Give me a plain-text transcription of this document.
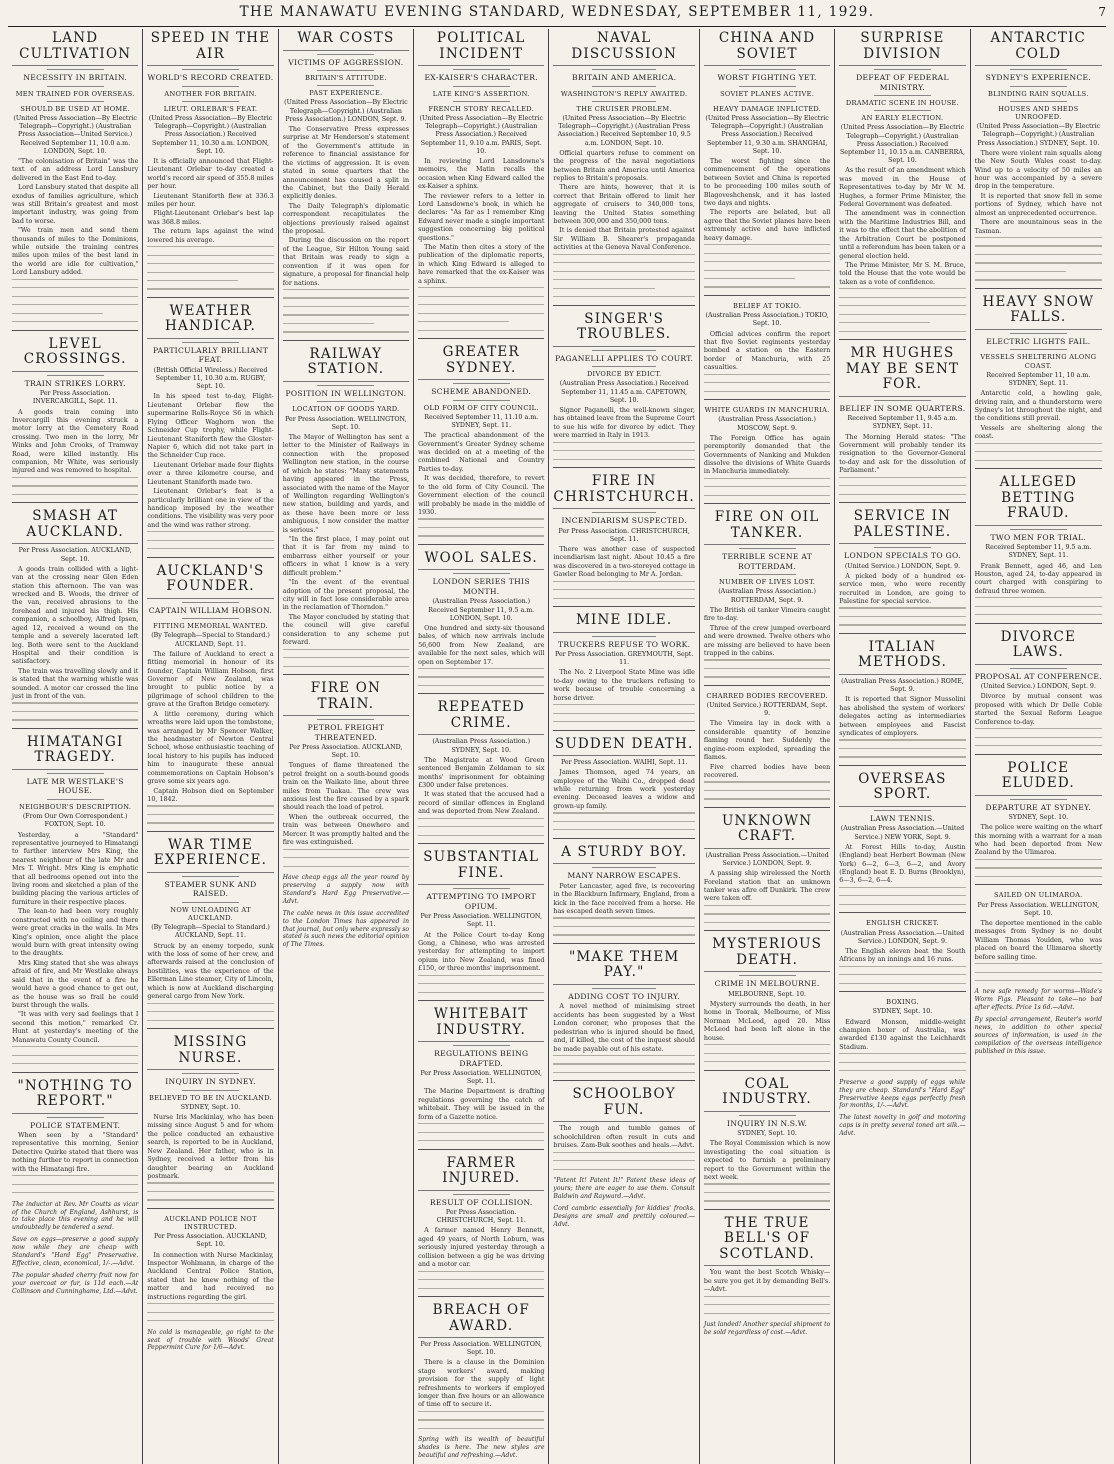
THE MANAWATU EVENING STANDARD, WEDNESDAY, SEPTEMBER 11, 1929.	7
LAND CULTIVATION
NECESSITY IN BRITAIN.
MEN TRAINED FOR OVERSEAS.
SHOULD BE USED AT HOME.
(United Press Association—By Electric Telegraph—Copyright.) (Australian Press Association—United Service.) Received September 11, 10.0 a.m. LONDON, Sept. 10.

"The colonisation of Britain" was the text of an address Lord Lansbury delivered in the East End to-day.

Lord Lansbury stated that despite all exodus of families agriculture, which was still Britain's greatest and most important industry, was going from bad to worse.

"We train men and send them thousands of miles to the Dominions, while outside the training centres miles upon miles of the best land in the world are idle for cultivation," Lord Lansbury added.

LEVEL CROSSINGS.
TRAIN STRIKES LORRY.
Per Press Association. INVERCARGILL, Sept. 11.

A goods train coming into Invercargill this evening struck a motor lorry at the Cemetery Road crossing. Two men in the lorry, Mr Winks and John Crooks, of Tramway Road, were killed instantly. His companion, Mr White, was seriously injured and was removed to hospital.

SMASH AT AUCKLAND.
Per Press Association. AUCKLAND, Sept. 10.

A goods train collided with a light-van at the crossing near Glen Eden station this afternoon. The van was wrecked and B. Woods, the driver of the van, received abrasions to the forehead and injured his thigh. His companion, a schoolboy, Alfred Ipsen, aged 12, received a wound on the temple and a severely lacerated left leg. Both were sent to the Auckland Hospital and their condition is satisfactory.

The train was travelling slowly and it is stated that the warning whistle was sounded. A motor car crossed the line just in front of the van.

HIMATANGI TRAGEDY.
LATE MR WESTLAKE'S HOUSE.
NEIGHBOUR'S DESCRIPTION.
(From Our Own Correspondent.) FOXTON, Sept. 10.

Yesterday, a "Standard" representative journeyed to Himatangi to further interview Mrs King, the nearest neighbour of the late Mr and Mrs T. Wright. Mrs King is emphatic that all bedrooms opened out into the living room and sketched a plan of the building placing the various articles of furniture in their respective places.

The lean-to had been very roughly constructed with no ceiling and there were great cracks in the walls. In Mrs King's opinion, once alight the place would burn with great intensity owing to the draughts.

Mrs King stated that she was always afraid of fire, and Mr Westlake always said that in the event of a fire he would have a good chance to get out, as the house was so frail he could burst through the walls.

"It was with very sad feelings that I second this motion," remarked Cr. Hunt at yesterday's meeting of the Manawatu County Council.

"NOTHING TO REPORT."
POLICE STATEMENT.

When seen by a "Standard" representative this morning, Senior Detective Quirke stated that there was nothing further to report in connection with the Himatangi fire.

The inductor at Rev. Mr Coutts as vicar of the Church of England, Ashhurst, is to take place this evening and he will undoubtedly be tendered a send.
Save on eggs—preserve a good supply now while they are cheap with Standard's "Hard Egg" Preservative. Effective, clean, economical, 1/-.—Advt.
The popular shaded cherry fruit now for your overcoat or fur, is 11d each.—At Collinson and Cunninghame, Ltd.—Advt.
SPEED IN THE AIR
WORLD'S RECORD CREATED.
ANOTHER FOR BRITAIN.
LIEUT. ORLEBAR'S FEAT.
(United Press Association—By Electric Telegraph—Copyright.) (Australian Press Association.) Received September 11, 10.30 a.m. LONDON, Sept. 10.

It is officially announced that Flight-Lieutenant Orlebar to-day created a world's record air speed of 355.8 miles per hour.

Lieutenant Staniforth flew at 336.3 miles per hour.

Flight-Lieutenant Orlebar's best lap was 368.8 miles.

The return laps against the wind lowered his average.

WEATHER HANDICAP.
PARTICULARLY BRILLIANT FEAT.
(British Official Wireless.) Received September 11, 10.30 a.m. RUGBY, Sept. 10.

In his speed test to-day, Flight-Lieutenant Orlebar flew the supermarine Rolls-Royce S6 in which Flying Officer Waghorn won the Schneider Cup trophy, while Flight-Lieutenant Staniforth flew the Gloster-Napier 6, which did not take part in the Schneider Cup race.

Lieutenant Orlebar made four flights over a three kilometre course, and Lieutenant Staniforth made two.

Lieutenant Orlebar's feat is a particularly brilliant one in view of the handicap imposed by the weather conditions. The visibility was very poor and the wind was rather strong.

AUCKLAND'S FOUNDER.
CAPTAIN WILLIAM HOBSON.
FITTING MEMORIAL WANTED.
(By Telegraph—Special to Standard.) AUCKLAND, Sept. 11.

The failure of Auckland to erect a fitting memorial in honour of its founder, Captain William Hobson, first Governor of New Zealand, was brought to public notice by a pilgrimage of school children to the grave at the Grafton Bridge cemetery.

A little ceremony, during which wreaths were laid upon the tombstone, was arranged by Mr Spencer Walker, the headmaster of Newton Central School, whose enthusiastic teaching of local history to his pupils has induced him to inaugurate these annual commemorations on Captain Hobson's grave some six years ago.

Captain Hobson died on September 10, 1842.

WAR TIME EXPERIENCE.
STEAMER SUNK AND RAISED.
NOW UNLOADING AT AUCKLAND.
(By Telegraph—Special to Standard.) AUCKLAND, Sept. 11.

Struck by an enemy torpedo, sunk with the loss of some of her crew, and afterwards raised at the conclusion of hostilities, was the experience of the Ellerman Line steamer, City of Lincoln, which is now at Auckland discharging general cargo from New York.

MISSING NURSE.
INQUIRY IN SYDNEY.
BELIEVED TO BE IN AUCKLAND.
SYDNEY, Sept. 10.

Nurse Iris Mackinlay, who has been missing since August 5 and for whom the police conducted an exhaustive search, is reported to be in Auckland, New Zealand. Her father, who is in Sydney, received a letter from his daughter bearing an Auckland postmark.

AUCKLAND POLICE NOT INSTRUCTED.
Per Press Association. AUCKLAND, Sept. 10.

In connection with Nurse Mackinlay, Inspector Wohlmann, in charge of the Auckland Central Police Station, stated that he knew nothing of the matter and had received no instructions regarding the girl.

No cold is manageable, go right to the seat of trouble with Woods' Great Peppermint Cure for 1/6—Advt.
WAR COSTS
VICTIMS OF AGGRESSION.
BRITAIN'S ATTITUDE.
PAST EXPERIENCE.
(United Press Association—By Electric Telegraph—Copyright.) (Australian Press Association.) LONDON, Sept. 9.

The Conservative Press expresses surprise at Mr Henderson's statement of the Government's attitude in reference to financial assistance for the victims of aggression. It is even stated in some quarters that the announcement has caused a split in the Cabinet, but the Daily Herald explicitly denies.

The Daily Telegraph's diplomatic correspondent recapitulates the objections previously raised against the proposal.

During the discussion on the report of the League, Sir Hilton Young said that Britain was ready to sign a convention if it was open for signature, a proposal for financial help for nations.

RAILWAY STATION.
POSITION IN WELLINGTON.
LOCATION OF GOODS YARD.
Per Press Association. WELLINGTON, Sept. 10.

The Mayor of Wellington has sent a letter to the Minister of Railways in connection with the proposed Wellington new station, in the course of which he states: "Many statements having appeared in the Press, associated with the name of the Mayor of Wellington regarding Wellington's new station, building and yards, and as these have been more or less ambiguous, I now consider the matter is serious."

"In the first place, I may point out that it is far from my mind to embarrass either yourself or your officers in what I know is a very difficult problem."

"In the event of the eventual adoption of the present proposal, the city will in fact lose considerable area in the reclamation of Thorndon."

The Mayor concluded by stating that the council will give careful consideration to any scheme put forward.

FIRE ON TRAIN.
PETROL FREIGHT THREATENED.
Per Press Association. AUCKLAND, Sept. 10.

Tongues of flame threatened the petrol freight on a south-bound goods train on the Waikato line, about three miles from Tuakau. The crew was anxious lest the fire caused by a spark should reach the load of petrol.

When the outbreak occurred, the train was between Onewhero and Mercer. It was promptly halted and the fire was extinguished.

Have cheap eggs all the year round by preserving a supply now with Standard's Hard Egg Preservative.—Advt.
The cable news in this issue accredited to the London Times has appeared in that journal, but only where expressly so stated is such news the editorial opinion of The Times.
POLITICAL INCIDENT
EX-KAISER'S CHARACTER.
LATE KING'S ASSERTION.
FRENCH STORY RECALLED.
(United Press Association—By Electric Telegraph—Copyright.) (Australian Press Association.) Received September 11, 9.10 a.m. PARIS, Sept. 10.

In reviewing Lord Lansdowne's memoirs, the Matin recalls the occasion when King Edward called the ex-Kaiser a sphinx.

The reviewer refers to a letter in Lord Lansdowne's book, in which he declares: "As far as I remember King Edward never made a single important suggestion concerning big political questions."

The Matin then cites a story of the publication of the diplomatic reports, in which King Edward is alleged to have remarked that the ex-Kaiser was a sphinx.

GREATER SYDNEY.
SCHEME ABANDONED.
OLD FORM OF CITY COUNCIL.
Received September 11, 11.10 a.m. SYDNEY, Sept. 11.

The practical abandonment of the Government's Greater Sydney scheme was decided on at a meeting of the combined National and Country Parties to-day.

It was decided, therefore, to revert to the old form of City Council. The Government election of the council will probably be made in the middle of 1930.

WOOL SALES.
LONDON SERIES THIS MONTH.
(Australian Press Association.) Received September 11, 9.5 a.m. LONDON, Sept. 10.

One hundred and sixty-six thousand bales, of which new arrivals include 56,600 from New Zealand, are available for the next sales, which will open on September 17.

REPEATED CRIME.
(Australian Press Association.) SYDNEY, Sept. 10.

The Magistrate at Wood Green sentenced Benjamin Zeldaman to six months' imprisonment for obtaining £300 under false pretences.

It was stated that the accused had a record of similar offences in England and was deported from New Zealand.

SUBSTANTIAL FINE.
ATTEMPTING TO IMPORT OPIUM.
Per Press Association. WELLINGTON, Sept. 11.

At the Police Court to-day Kong Gong, a Chinese, who was arrested yesterday for attempting to import opium into New Zealand, was fined £150, or three months' imprisonment.

WHITEBAIT INDUSTRY.
REGULATIONS BEING DRAFTED.
Per Press Association. WELLINGTON, Sept. 11.

The Marine Department is drafting regulations governing the catch of whitebait. They will be issued in the form of a Gazette notice.

FARMER INJURED.
RESULT OF COLLISION.
Per Press Association. CHRISTCHURCH, Sept. 11.

A farmer named Henry Bennett, aged 49 years, of North Loburn, was seriously injured yesterday through a collision between a gig he was driving and a motor car.

BREACH OF AWARD.
Per Press Association. WELLINGTON, Sept. 10.

There is a clause in the Dominion stage workers' award, making provision for the supply of light refreshments to workers if employed longer than five hours or an allowance of time off to secure it.

Spring with its wealth of beautiful shades is here. The new styles are beautiful and refreshing.—Advt.
NAVAL DISCUSSION
BRITAIN AND AMERICA.
WASHINGTON'S REPLY AWAITED.
THE CRUISER PROBLEM.
(United Press Association—By Electric Telegraph—Copyright.) (Australian Press Association.) Received September 10, 9.5 a.m. LONDON, Sept. 10.

Official quarters refuse to comment on the progress of the naval negotiations between Britain and America until America replies to Britain's proposals.

There are hints, however, that it is correct that Britain offered to limit her aggregate of cruisers to 340,000 tons, leaving the United States something between 300,000 and 350,000 tons.

It is denied that Britain protested against Sir William B. Shearer's propaganda activities at the Geneva Naval Conference.

SINGER'S TROUBLES.
PAGANELLI APPLIES TO COURT.
DIVORCE BY EDICT.
(Australian Press Association.) Received September 11, 11.45 a.m. CAPETOWN, Sept. 10.

Signor Paganelli, the well-known singer, has obtained leave from the Supreme Court to sue his wife for divorce by edict. They were married in Italy in 1913.

FIRE IN CHRISTCHURCH.
INCENDIARISM SUSPECTED.
Per Press Association. CHRISTCHURCH, Sept. 11.

There was another case of suspected incendiarism last night. About 10.45 a fire was discovered in a two-storeyed cottage in Gawler Road belonging to Mr A. Jordan.

MINE IDLE.
TRUCKERS REFUSE TO WORK.
Per Press Association. GREYMOUTH, Sept. 11.

The No. 2 Liverpool State Mine was idle to-day owing to the truckers refusing to work because of trouble concerning a horse driver.

SUDDEN DEATH.
Per Press Association. WAIHI, Sept. 11.

James Thomson, aged 74 years, an employee of the Waihi Co., dropped dead while returning from work yesterday evening. Deceased leaves a widow and grown-up family.

A STURDY BOY.
MANY NARROW ESCAPES.

Peter Lancaster, aged five, is recovering in the Blackburn Infirmary, England, from a kick in the face received from a horse. He has escaped death seven times.

"MAKE THEM PAY."
ADDING COST TO INJURY.

A novel method of minimising street accidents has been suggested by a West London coroner, who proposes that the pedestrian who is injured should be fined, and, if killed, the cost of the inquest should be made payable out of his estate.

SCHOOLBOY FUN.

The rough and tumble games of schoolchildren often result in cuts and bruises. Zam-Buk soothes and heals.—Advt.

"Patent It! Patent It!" Patent these ideas of yours; there are eager to use them. Consult Baldwin and Rayward.—Advt.
Cord cambric essentially for kiddies' frocks. Designs are small and prettily coloured.—Advt.
CHINA AND SOVIET
WORST FIGHTING YET.
SOVIET PLANES ACTIVE.
HEAVY DAMAGE INFLICTED.
(United Press Association—By Electric Telegraph—Copyright.) (Australian Press Association.) Received September 11, 9.30 a.m. SHANGHAI, Sept. 10.

The worst fighting since the commencement of the operations between Soviet and China is reported to be proceeding 100 miles south of Blagoveshchensk, and it has lasted two days and nights.

The reports are belated, but all agree that the Soviet planes have been extremely active and have inflicted heavy damage.

BELIEF AT TOKIO.
(Australian Press Association.) TOKIO, Sept. 10.

Official advices confirm the report that five Soviet regiments yesterday bombed a station on the Eastern border of Manchuria, with 25 casualties.

WHITE GUARDS IN MANCHURIA.
(Australian Press Association.) MOSCOW, Sept. 9.

The Foreign Office has again peremptorily demanded that the Governments of Nanking and Mukden dissolve the divisions of White Guards in Manchuria immediately.

FIRE ON OIL TANKER.
TERRIBLE SCENE AT ROTTERDAM.
NUMBER OF LIVES LOST.
(Australian Press Association.) ROTTERDAM, Sept. 9.

The British oil tanker Vimeira caught fire to-day.

Three of the crew jumped overboard and were drowned. Twelve others who are missing are believed to have been trapped in the cabins.

CHARRED BODIES RECOVERED.
(United Service.) ROTTERDAM, Sept. 9.

The Vimeira lay in dock with a considerable quantity of benzine flaming round her. Suddenly the engine-room exploded, spreading the flames.

Five charred bodies have been recovered.

UNKNOWN CRAFT.
(Australian Press Association.—United Service.) LONDON, Sept. 9.

A passing ship wirelessed the North Foreland station that an unknown tanker was afire off Dunkirk. The crew were taken off.

MYSTERIOUS DEATH.
CRIME IN MELBOURNE.
MELBOURNE, Sept. 10.

Mystery surrounds the death, in her home in Toorak, Melbourne, of Miss Norman McLeod, aged 20. Miss McLeod had been left alone in the house.

COAL INDUSTRY.
INQUIRY IN N.S.W.
SYDNEY, Sept. 10.

The Royal Commission which is now investigating the coal situation is expected to furnish a preliminary report to the Government within the next week.

THE TRUE BELL'S OF SCOTLAND.

You want the best Scotch Whisky—be sure you get it by demanding Bell's.—Advt.

Just landed! Another special shipment to be sold regardless of cost.—Advt.
SURPRISE DIVISION
DEFEAT OF FEDERAL MINISTRY.
DRAMATIC SCENE IN HOUSE.
AN EARLY ELECTION.
(United Press Association—By Electric Telegraph—Copyright.) (Australian Press Association.) Received September 11, 10.15 a.m. CANBERRA, Sept. 10.

As the result of an amendment which was moved in the House of Representatives to-day by Mr W. M. Hughes, a former Prime Minister, the Federal Government was defeated.

The amendment was in connection with the Maritime Industries Bill, and it was to the effect that the abolition of the Arbitration Court be postponed until a referendum has been taken or a general election held.

The Prime Minister, Mr S. M. Bruce, told the House that the vote would be taken as a vote of confidence.

MR HUGHES MAY BE SENT FOR.
BELIEF IN SOME QUARTERS.
Received September 11, 9.45 a.m. SYDNEY, Sept. 11.

The Morning Herald states: "The Government will probably tender its resignation to the Governor-General to-day and ask for the dissolution of Parliament."

SERVICE IN PALESTINE.
LONDON SPECIALS TO GO.
(United Service.) LONDON, Sept. 9.

A picked body of a hundred ex-service men, who were recently recruited in London, are going to Palestine for special service.

ITALIAN METHODS.
(Australian Press Association.) ROME, Sept. 9.

It is reported that Signor Mussolini has abolished the system of workers' delegates acting as intermediaries between employees and Fascist syndicates of employers.

OVERSEAS SPORT.
LAWN TENNIS.
(Australian Press Association.—United Service.) NEW YORK, Sept. 9.

At Forest Hills to-day, Austin (England) beat Herbert Bowman (New York) 6—2, 6—3, 6—2, and Avory (England) beat E. D. Burns (Brooklyn), 6—3, 6—2, 6—4.

ENGLISH CRICKET.
(Australian Press Association.—United Service.) LONDON, Sept. 9.

The English eleven beat the South Africans by an innings and 16 runs.

BOXING.
SYDNEY, Sept. 10.

Edward Monson, middle-weight champion boxer of Australia, was awarded £130 against the Leichhardt Stadium.

Preserve a good supply of eggs while they are cheap. Standard's "Hard Egg" Preservative keeps eggs perfectly fresh for months, 1/-.—Advt.
The latest novelty in golf and motoring caps is in pretty several toned art silk.—Advt.
ANTARCTIC COLD
SYDNEY'S EXPERIENCE.
BLINDING RAIN SQUALLS.
HOUSES AND SHEDS UNROOFED.
(United Press Association—By Electric Telegraph—Copyright.) (Australian Press Association.) SYDNEY, Sept. 10.

There were violent rain squalls along the New South Wales coast to-day. Wind up to a velocity of 50 miles an hour was accompanied by a severe drop in the temperature.

It is reported that snow fell in some portions of Sydney, which have not almost an unprecedented occurrence.

There are mountainous seas in the Tasman.

HEAVY SNOW FALLS.
ELECTRIC LIGHTS FAIL.
VESSELS SHELTERING ALONG COAST.
Received September 11, 10 a.m. SYDNEY, Sept. 11.

Antarctic cold, a howling gale, driving rain, and a thunderstorm were Sydney's lot throughout the night, and the conditions still prevail.

Vessels are sheltering along the coast.

ALLEGED BETTING FRAUD.
TWO MEN FOR TRIAL.
Received September 11, 9.5 a.m. SYDNEY, Sept. 11.

Frank Bennett, aged 46, and Len Houston, aged 24, to-day appeared in court charged with conspiring to defraud three women.

DIVORCE LAWS.
PROPOSAL AT CONFERENCE.
(United Service.) LONDON, Sept. 9.

Divorce by mutual consent was proposed with which Dr Delle Coble started the Sexual Reform League Conference to-day.

POLICE ELUDED.
DEPARTURE AT SYDNEY.
SYDNEY, Sept. 10.

The police were waiting on the wharf this morning with a warrant for a man who had been deported from New Zealand by the Ulimaroa.

SAILED ON ULIMAROA.
Per Press Association. WELLINGTON, Sept. 10.

The deportee mentioned in the cable messages from Sydney is no doubt William Thomas Youlden, who was placed on board the Ulimaroa shortly before sailing time.

A new safe remedy for worms—Wade's Worm Figs. Pleasant to take—no bad after effects. Price 1s 6d.—Advt.
By special arrangement, Reuter's world news, in addition to other special sources of information, is used in the compilation of the overseas intelligence published in this issue.
